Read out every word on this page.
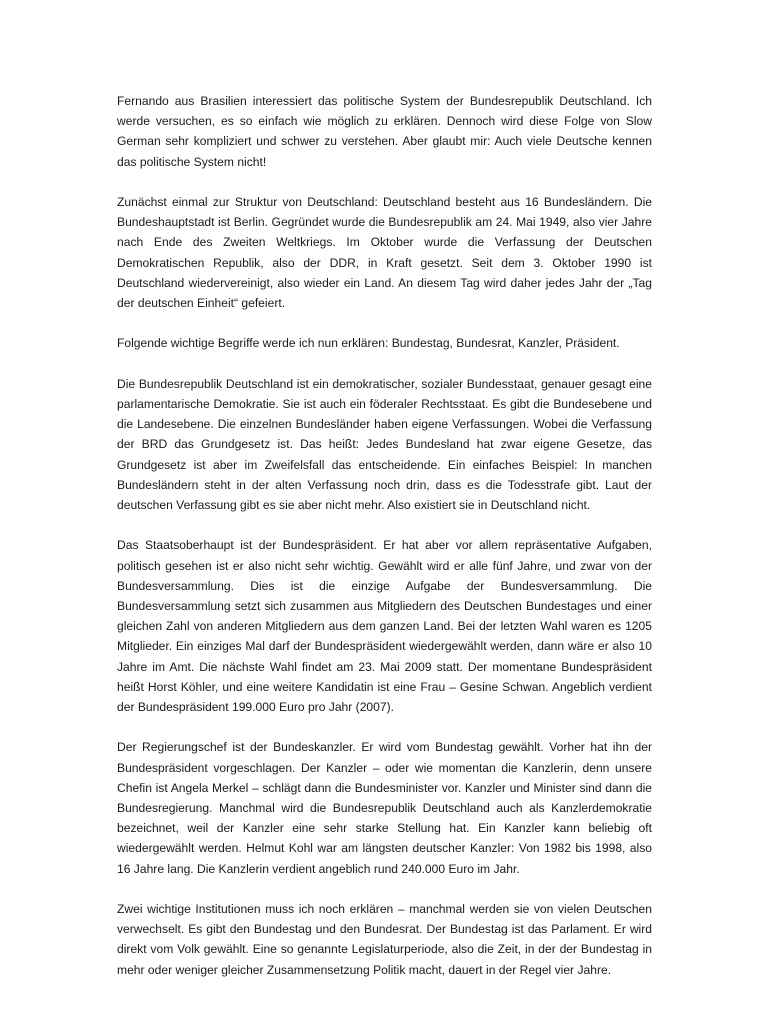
Fernando aus Brasilien interessiert das politische System der Bundesrepublik Deutschland. Ich werde versuchen, es so einfach wie möglich zu erklären. Dennoch wird diese Folge von Slow German sehr kompliziert und schwer zu verstehen. Aber glaubt mir: Auch viele Deutsche kennen das politische System nicht!

Zunächst einmal zur Struktur von Deutschland: Deutschland besteht aus 16 Bundesländern. Die Bundeshauptstadt ist Berlin. Gegründet wurde die Bundesrepublik am 24. Mai 1949, also vier Jahre nach Ende des Zweiten Weltkriegs. Im Oktober wurde die Verfassung der Deutschen Demokratischen Republik, also der DDR, in Kraft gesetzt. Seit dem 3. Oktober 1990 ist Deutschland wiedervereinigt, also wieder ein Land. An diesem Tag wird daher jedes Jahr der „Tag der deutschen Einheit“ gefeiert.

Folgende wichtige Begriffe werde ich nun erklären: Bundestag, Bundesrat, Kanzler, Präsident.

Die Bundesrepublik Deutschland ist ein demokratischer, sozialer Bundesstaat, genauer gesagt eine parlamentarische Demokratie. Sie ist auch ein föderaler Rechtsstaat. Es gibt die Bundesebene und die Landesebene. Die einzelnen Bundesländer haben eigene Verfassungen. Wobei die Verfassung der BRD das Grundgesetz ist. Das heißt: Jedes Bundesland hat zwar eigene Gesetze, das Grundgesetz ist aber im Zweifelsfall das entscheidende. Ein einfaches Beispiel: In manchen Bundesländern steht in der alten Verfassung noch drin, dass es die Todesstrafe gibt. Laut der deutschen Verfassung gibt es sie aber nicht mehr. Also existiert sie in Deutschland nicht.

Das Staatsoberhaupt ist der Bundespräsident. Er hat aber vor allem repräsentative Aufgaben, politisch gesehen ist er also nicht sehr wichtig. Gewählt wird er alle fünf Jahre, und zwar von der Bundesversammlung. Dies ist die einzige Aufgabe der Bundesversammlung. Die Bundesversammlung setzt sich zusammen aus Mitgliedern des Deutschen Bundestages und einer gleichen Zahl von anderen Mitgliedern aus dem ganzen Land. Bei der letzten Wahl waren es 1205 Mitglieder. Ein einziges Mal darf der Bundespräsident wiedergewählt werden, dann wäre er also 10 Jahre im Amt. Die nächste Wahl findet am 23. Mai 2009 statt. Der momentane Bundespräsident heißt Horst Köhler, und eine weitere Kandidatin ist eine Frau – Gesine Schwan. Angeblich verdient der Bundespräsident 199.000 Euro pro Jahr (2007).

Der Regierungschef ist der Bundeskanzler. Er wird vom Bundestag gewählt. Vorher hat ihn der Bundespräsident vorgeschlagen. Der Kanzler – oder wie momentan die Kanzlerin, denn unsere Chefin ist Angela Merkel – schlägt dann die Bundesminister vor. Kanzler und Minister sind dann die Bundesregierung. Manchmal wird die Bundesrepublik Deutschland auch als Kanzlerdemokratie bezeichnet, weil der Kanzler eine sehr starke Stellung hat. Ein Kanzler kann beliebig oft wiedergewählt werden. Helmut Kohl war am längsten deutscher Kanzler: Von 1982 bis 1998, also 16 Jahre lang. Die Kanzlerin verdient angeblich rund 240.000 Euro im Jahr.

Zwei wichtige Institutionen muss ich noch erklären – manchmal werden sie von vielen Deutschen verwechselt. Es gibt den Bundestag und den Bundesrat. Der Bundestag ist das Parlament. Er wird direkt vom Volk gewählt. Eine so genannte Legislaturperiode, also die Zeit, in der der Bundestag in mehr oder weniger gleicher Zusammensetzung Politik macht, dauert in der Regel vier Jahre.
